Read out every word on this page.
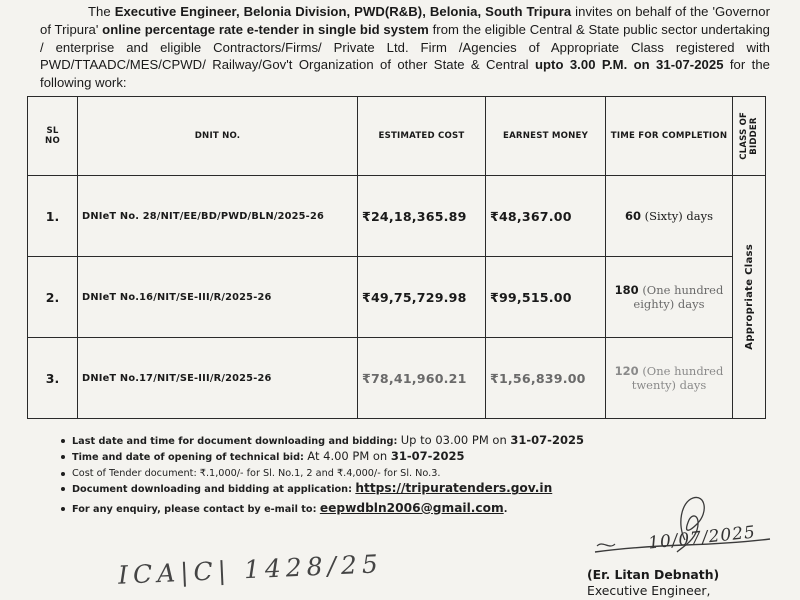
The Executive Engineer, Belonia Division, PWD(R&B), Belonia, South Tripura invites on behalf of the 'Governor of Tripura' online percentage rate e-tender in single bid system from the eligible Central & State public sector undertaking / enterprise and eligible Contractors/Firms/ Private Ltd. Firm /Agencies of Appropriate Class registered with PWD/TTAADC/MES/CPWD/ Railway/Gov't Organization of other State & Central upto 3.00 P.M. on 31-07-2025 for the following work:
SL
NO	DNIT NO.	ESTIMATED COST	EARNEST MONEY	TIME FOR COMPLETION	CLASS OF
BIDDER

1.	DNIeT No. 28/NIT/EE/BD/PWD/BLN/2025-26	₹24,18,365.89	₹48,367.00	60 (Sixty) days	Appropriate Class

2.	DNIeT No.16/NIT/SE-III/R/2025-26	₹49,75,729.98	₹99,515.00	180 (One hundred
eighty) days	
3.	DNIeT No.17/NIT/SE-III/R/2025-26	₹78,41,960.21	₹1,56,839.00	120 (One hundred
twenty) days	
Last date and time for document downloading and bidding: Up to 03.00 PM on 31-07-2025
Time and date of opening of technical bid: At 4.00 PM on 31-07-2025
Cost of Tender document: ₹.1,000/- for Sl. No.1, 2 and ₹.4,000/- for Sl. No.3.
Document downloading and bidding at application: https://tripuratenders.gov.in
For any enquiry, please contact by e-mail to: eepwdbln2006@gmail.com.
ICA|C| 1428/25
10/07/2025
(Er. Litan Debnath)
Executive Engineer,
